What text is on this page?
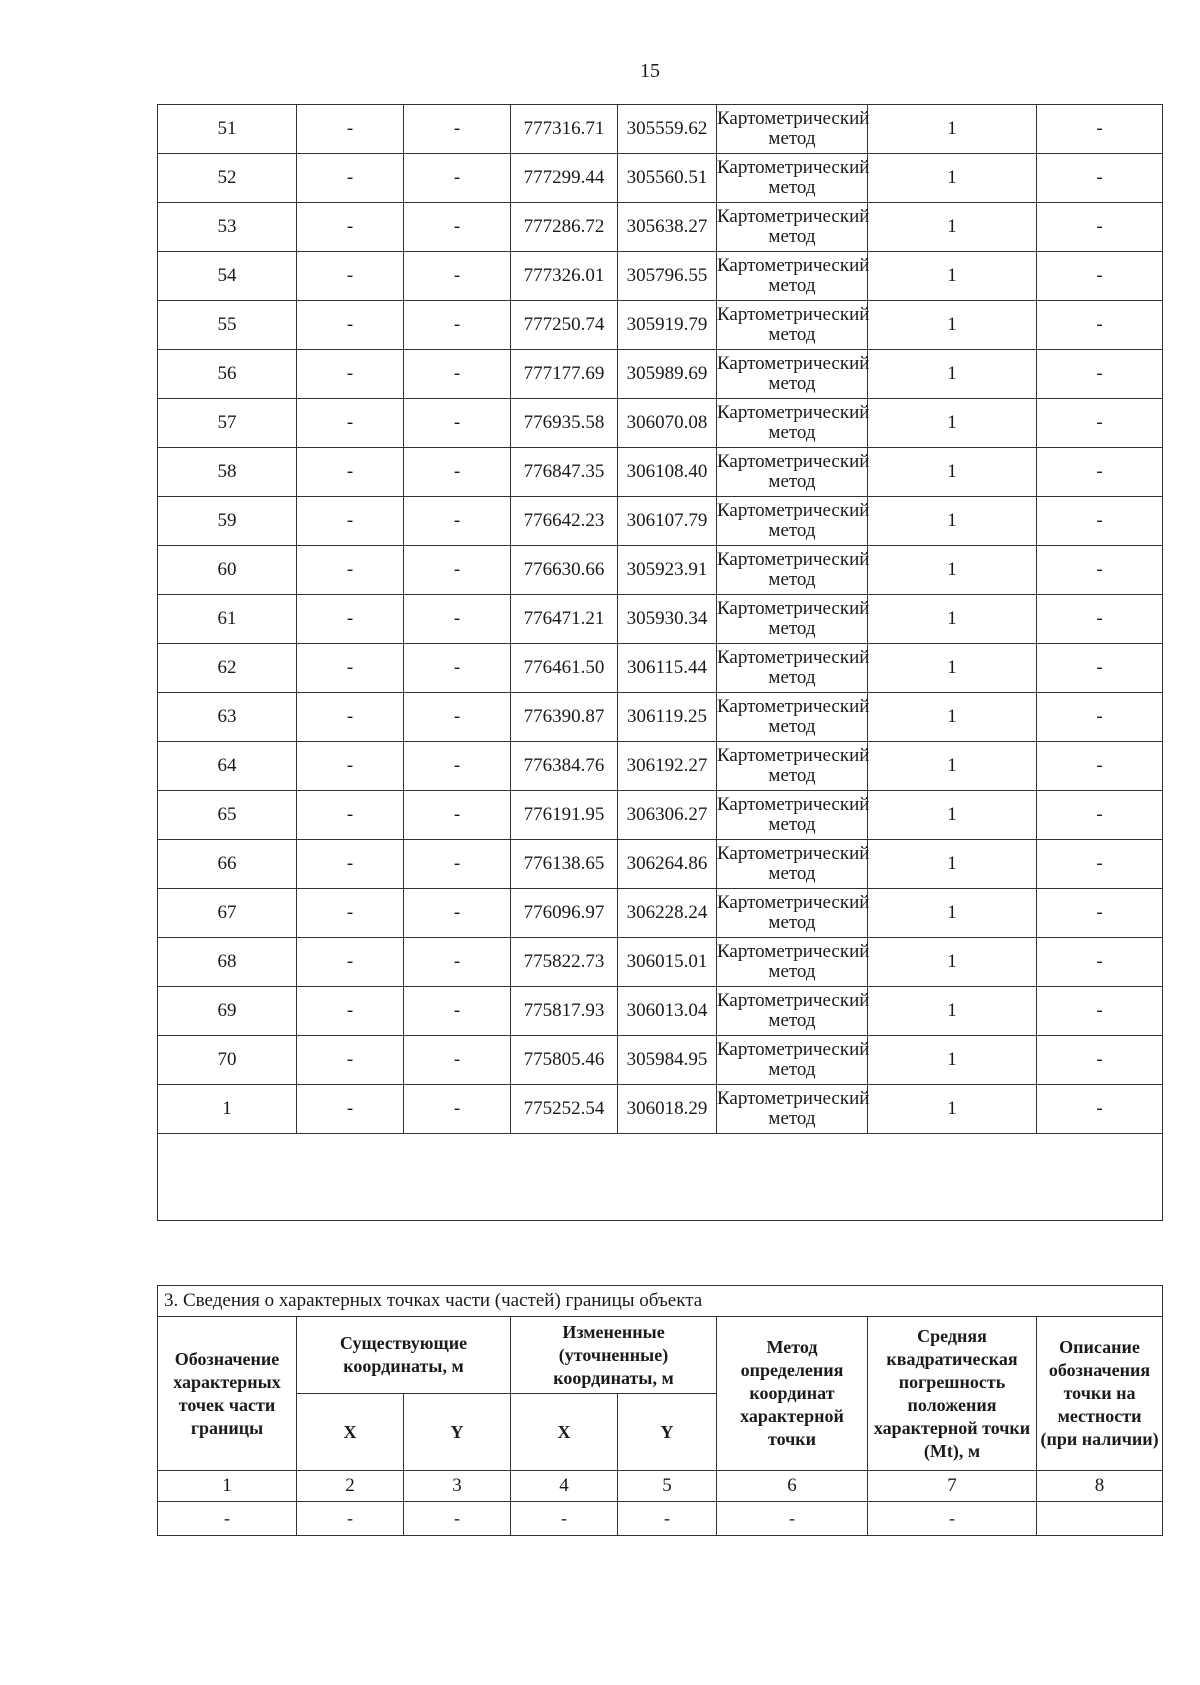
15
51	-	-	777316.71	305559.62	Картометрический метод	1	-
52	-	-	777299.44	305560.51	Картометрический метод	1	-
53	-	-	777286.72	305638.27	Картометрический метод	1	-
54	-	-	777326.01	305796.55	Картометрический метод	1	-
55	-	-	777250.74	305919.79	Картометрический метод	1	-
56	-	-	777177.69	305989.69	Картометрический метод	1	-
57	-	-	776935.58	306070.08	Картометрический метод	1	-
58	-	-	776847.35	306108.40	Картометрический метод	1	-
59	-	-	776642.23	306107.79	Картометрический метод	1	-
60	-	-	776630.66	305923.91	Картометрический метод	1	-
61	-	-	776471.21	305930.34	Картометрический метод	1	-
62	-	-	776461.50	306115.44	Картометрический метод	1	-
63	-	-	776390.87	306119.25	Картометрический метод	1	-
64	-	-	776384.76	306192.27	Картометрический метод	1	-
65	-	-	776191.95	306306.27	Картометрический метод	1	-
66	-	-	776138.65	306264.86	Картометрический метод	1	-
67	-	-	776096.97	306228.24	Картометрический метод	1	-
68	-	-	775822.73	306015.01	Картометрический метод	1	-
69	-	-	775817.93	306013.04	Картометрический метод	1	-
70	-	-	775805.46	305984.95	Картометрический метод	1	-
1	-	-	775252.54	306018.29	Картометрический метод	1	-

3. Сведения о характерных точках части (частей) границы объекта							
Обозначение характерных точек части границы	Существующие координаты, м		Измененные (уточненные) координаты, м		Метод определения координат характерной точки	Средняя квадратическая погрешность положения характерной точки (Mt), м	Описание обозначения точки на местности (при наличии)
	X	Y	X	Y			
1	2	3	4	5	6	7	8
-	-	-	-	-	-	-	
